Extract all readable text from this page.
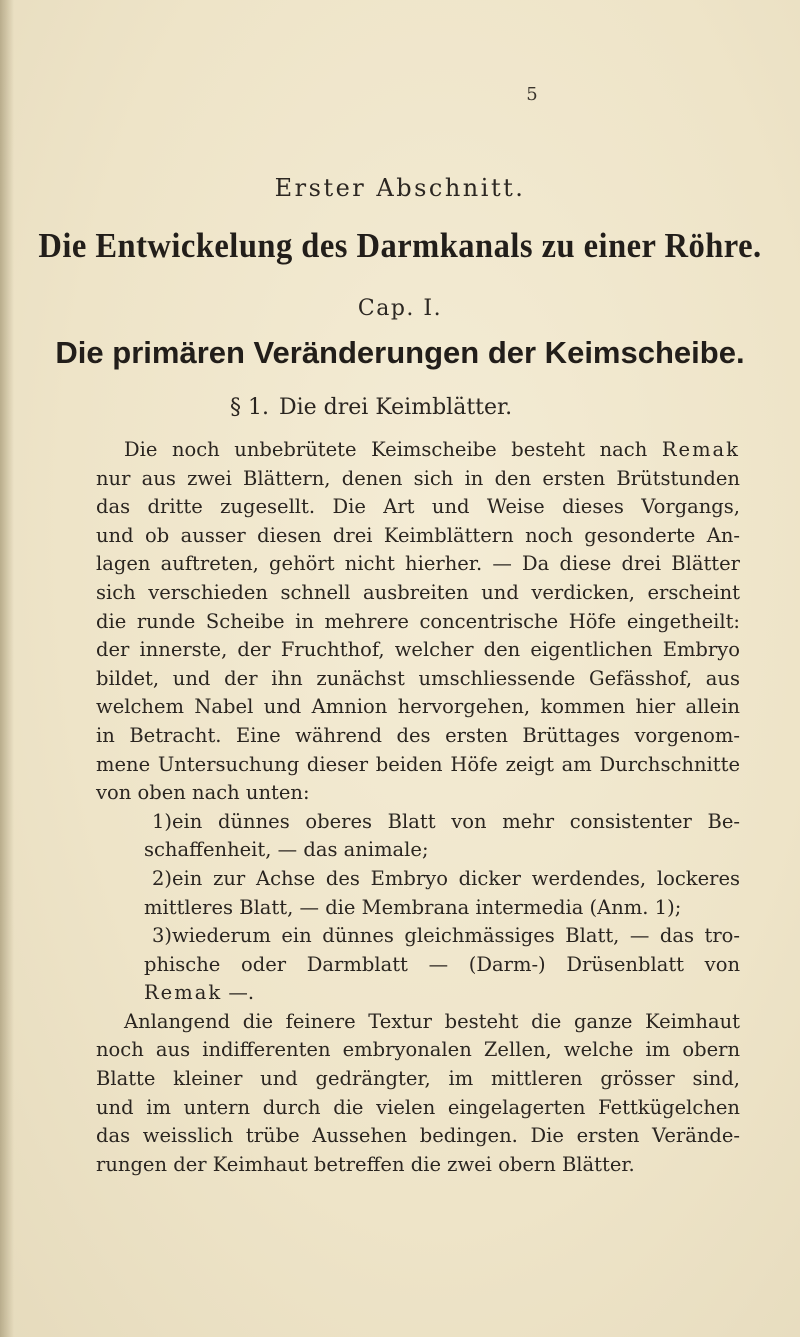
5
Erster Abschnitt.
Die Entwickelung des Darmkanals zu einer Röhre.
Cap. I.
Die primären Veränderungen der Keimscheibe.
§ 1. Die drei Keimblätter.
Die noch unbebrütete Keimscheibe besteht nach Remak
nur aus zwei Blättern, denen sich in den ersten Brütstunden
das dritte zugesellt. Die Art und Weise dieses Vorgangs,
und ob ausser diesen drei Keimblättern noch gesonderte An-
lagen auftreten, gehört nicht hierher. — Da diese drei Blätter
sich verschieden schnell ausbreiten und verdicken, erscheint
die runde Scheibe in mehrere concentrische Höfe eingetheilt:
der innerste, der Fruchthof, welcher den eigentlichen Embryo
bildet, und der ihn zunächst umschliessende Gefässhof, aus
welchem Nabel und Amnion hervorgehen, kommen hier allein
in Betracht. Eine während des ersten Brüttages vorgenom-
mene Untersuchung dieser beiden Höfe zeigt am Durchschnitte
von oben nach unten:
1)ein dünnes oberes Blatt von mehr consistenter Be-
schaffenheit, — das animale;
2)ein zur Achse des Embryo dicker werdendes, lockeres
mittleres Blatt, — die Membrana intermedia (Anm. 1);
3)wiederum ein dünnes gleichmässiges Blatt, — das tro-
phische oder Darmblatt — (Darm-) Drüsenblatt von
Remak —.
Anlangend die feinere Textur besteht die ganze Keimhaut
noch aus indifferenten embryonalen Zellen, welche im obern
Blatte kleiner und gedrängter, im mittleren grösser sind,
und im untern durch die vielen eingelagerten Fettkügelchen
das weisslich trübe Aussehen bedingen. Die ersten Verände-
rungen der Keimhaut betreffen die zwei obern Blätter.
